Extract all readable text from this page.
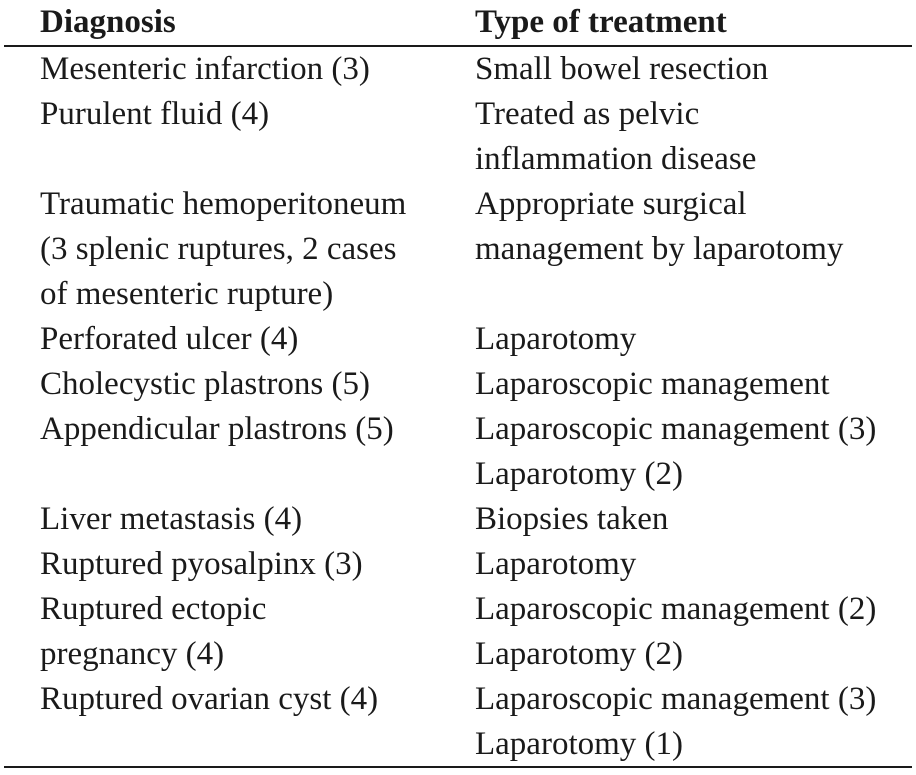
Diagnosis	Type of treatment

Mesenteric infarction (3)	Small bowel resection

Purulent fluid (4)	Treated as pelvic
inflammation disease

Traumatic hemoperitoneum
(3 splenic ruptures, 2 cases
of mesenteric rupture)	Appropriate surgical
management by laparotomy

Perforated ulcer (4)	Laparotomy

Cholecystic plastrons (5)	Laparoscopic management

Appendicular plastrons (5)	Laparoscopic management (3)
Laparotomy (2)

Liver metastasis (4)	Biopsies taken

Ruptured pyosalpinx (3)	Laparotomy

Ruptured ectopic
pregnancy (4)	Laparoscopic management (2)
Laparotomy (2)

Ruptured ovarian cyst (4)	Laparoscopic management (3)
Laparotomy (1)
